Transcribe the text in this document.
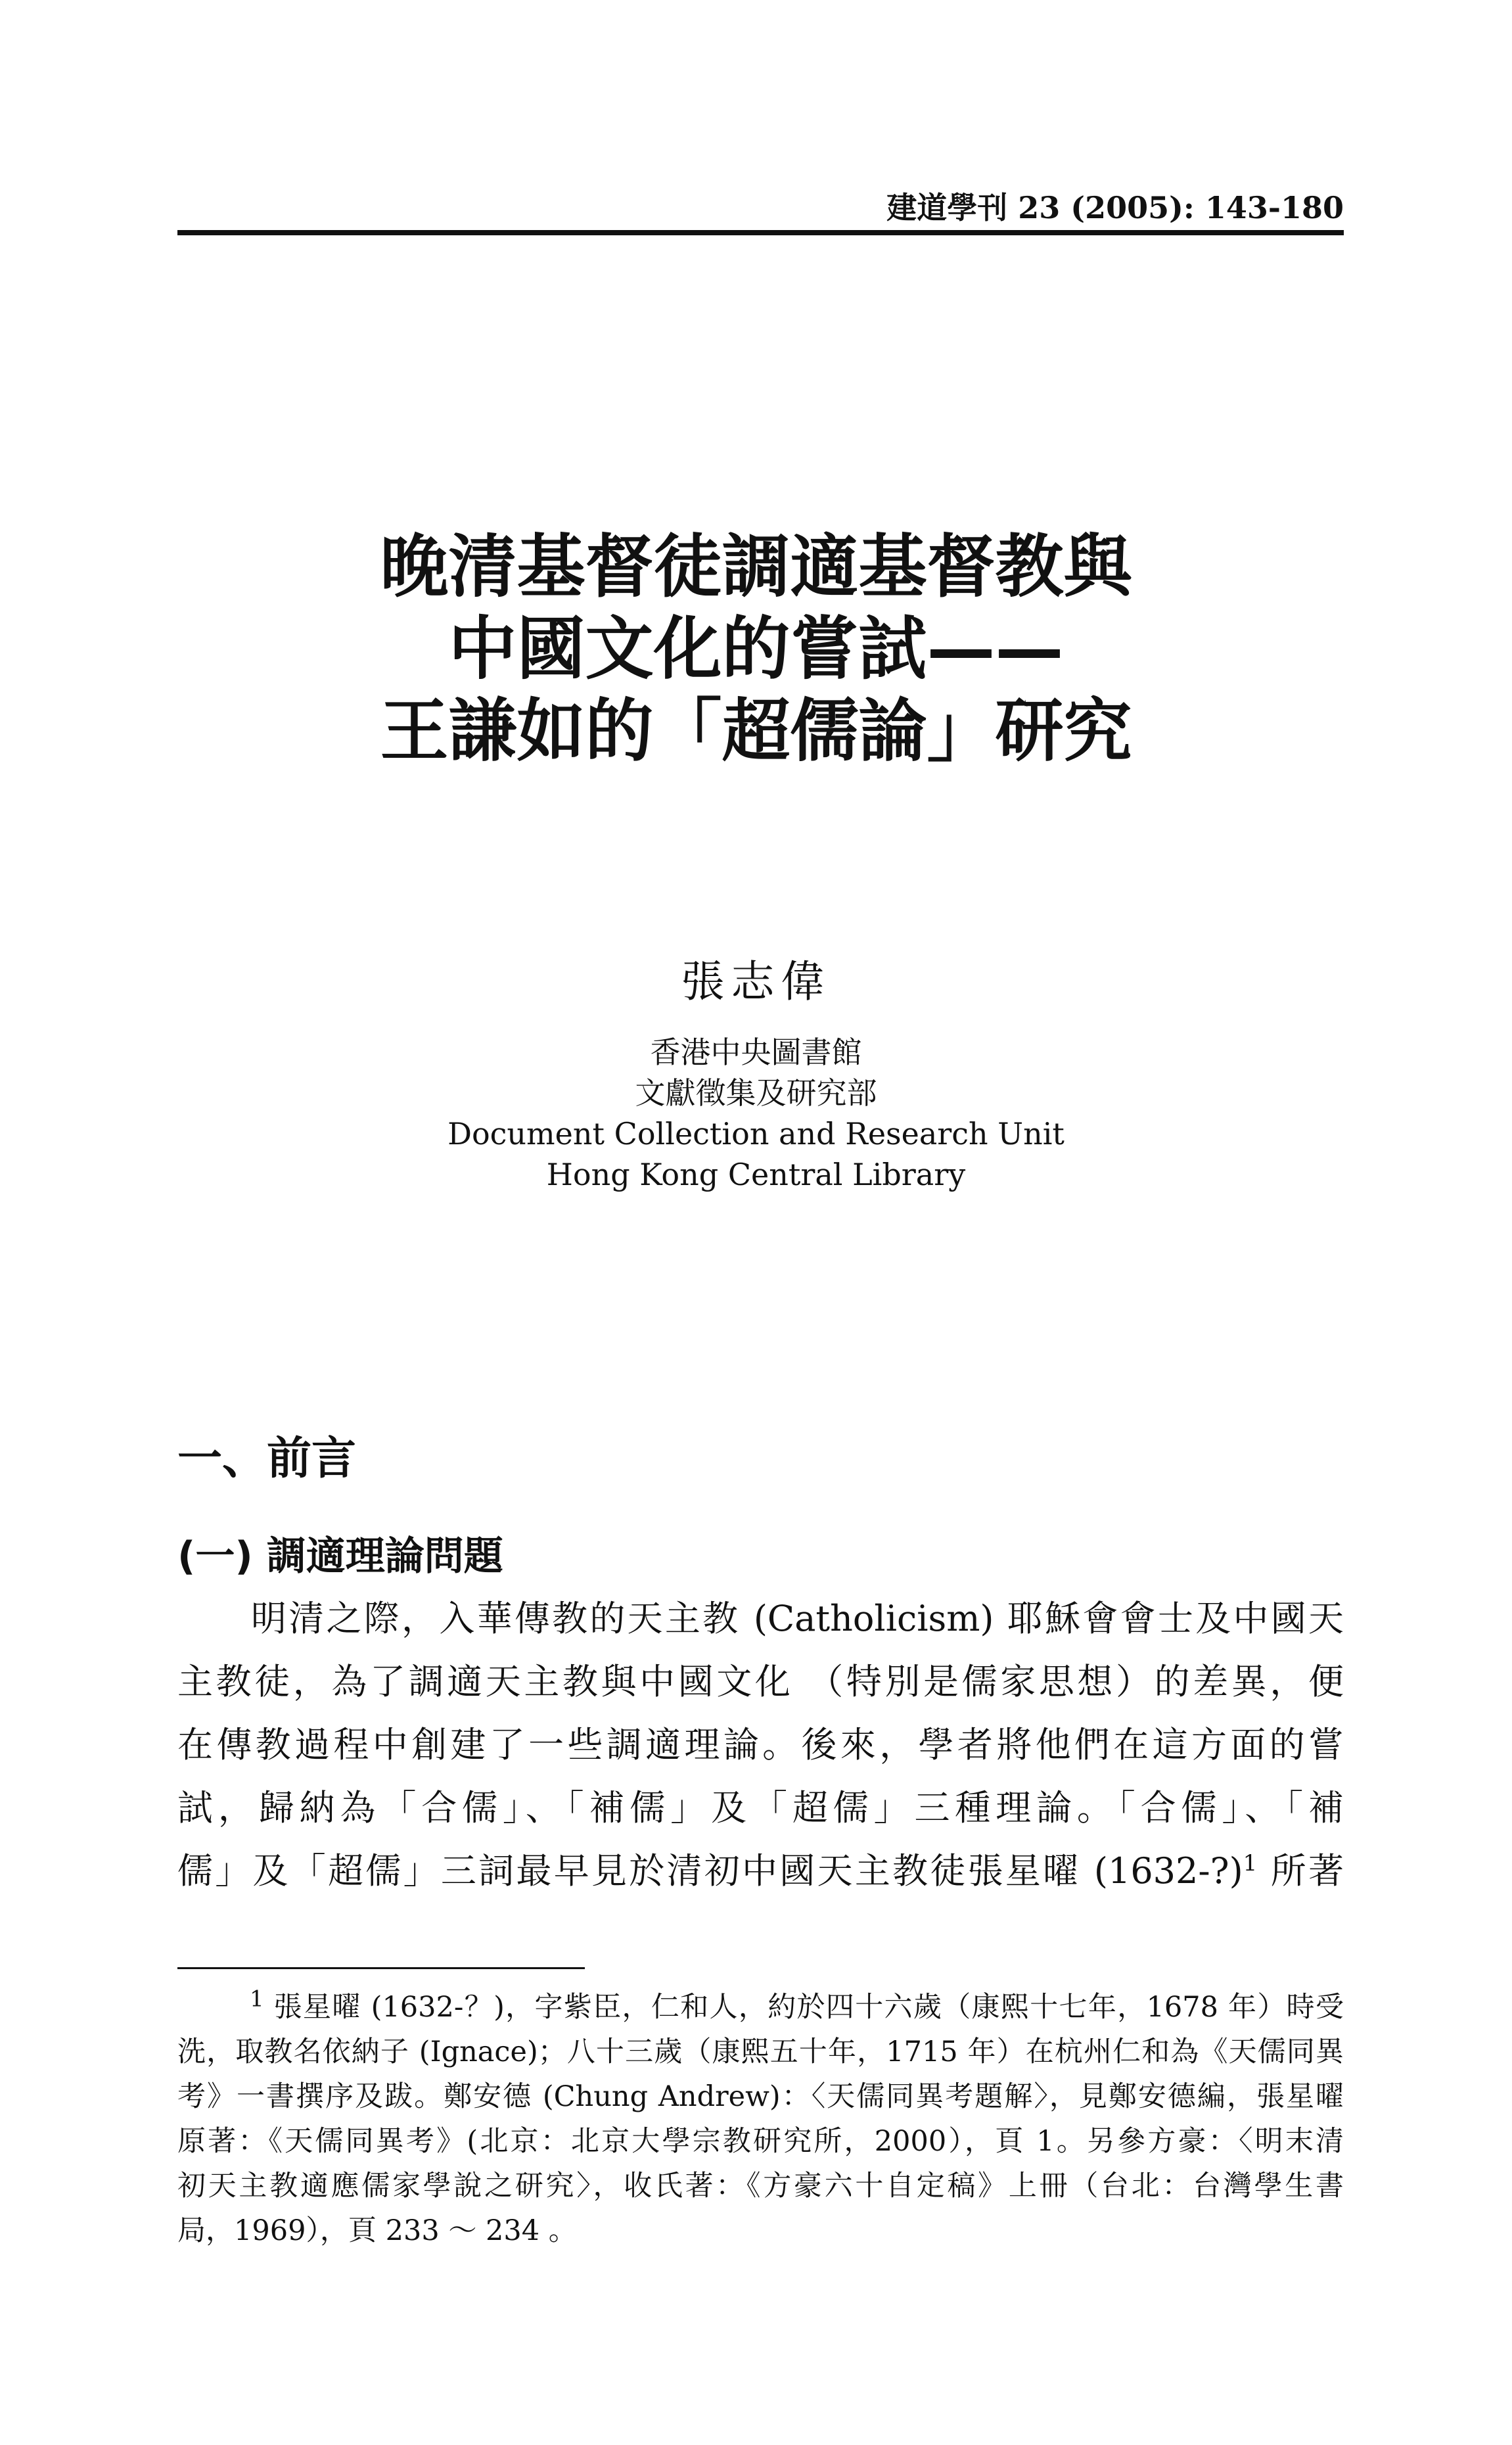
建道學刊 23 (2005): 143-180
晚清基督徒調適基督教與
中國文化的嘗試——
王謙如的「超儒論」研究
張志偉
香港中央圖書館
文獻徵集及研究部
Document Collection and Research Unit
Hong Kong Central Library
一、前言
(一) 調適理論問題
明清之際，入華傳教的天主教 (Catholicism) 耶穌會會士及中國天
主教徒，為了調適天主教與中國文化 （特別是儒家思想）的差異，便
在傳教過程中創建了一些調適理論。後來，學者將他們在這方面的嘗
試，歸納為「合儒」、「補儒」及「超儒」三種理論。「合儒」、「補
儒」及「超儒」三詞最早見於清初中國天主教徒張星曜 (1632-?)$^1$ 所著
$^1$ 張星曜 (1632-？)，字紫臣，仁和人，約於四十六歲（康熙十七年，1678 年）時受
洗，取教名依納子 (Ignace)；八十三歲（康熙五十年，1715 年）在杭州仁和為《天儒同異
考》一書撰序及跋。鄭安德 (Chung Andrew)：〈天儒同異考題解〉，見鄭安德編，張星曜
原著：《天儒同異考》(北京：北京大學宗教研究所，2000），頁 1。另參方豪：〈明末清
初天主教適應儒家學說之研究〉，收氏著：《方豪六十自定稿》上冊（台北：台灣學生書
局，1969），頁 233 ～ 234 。
